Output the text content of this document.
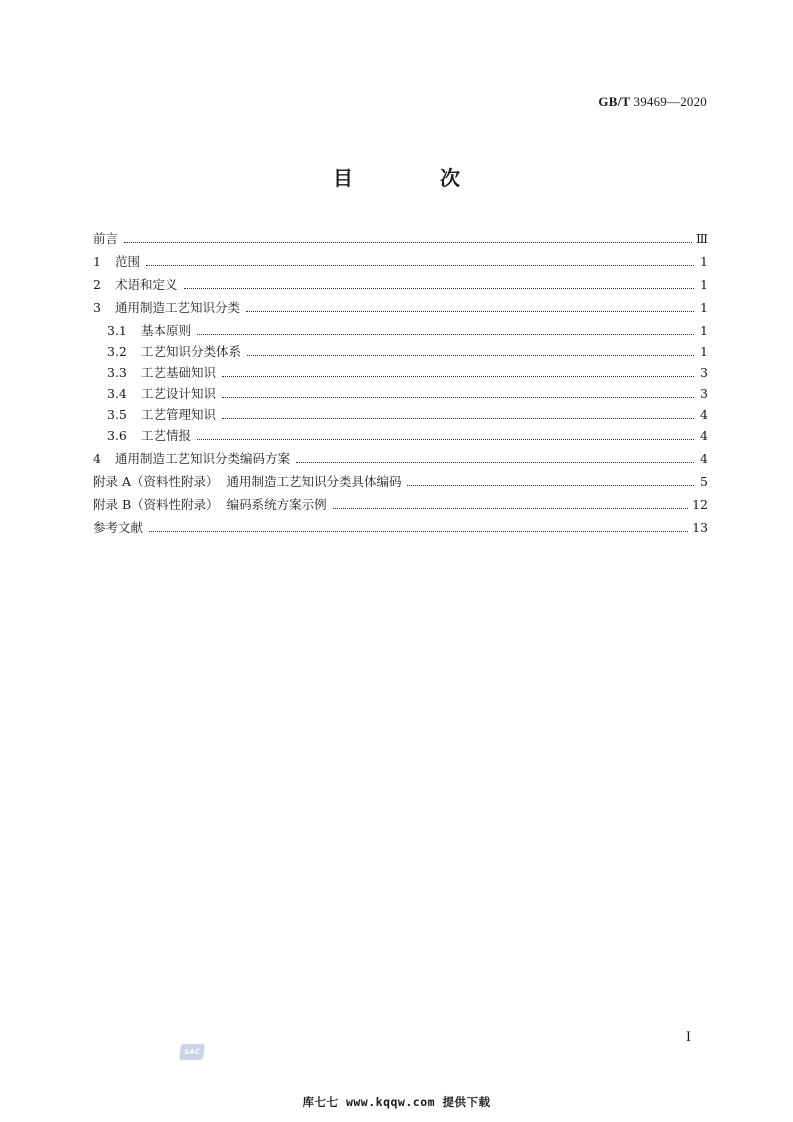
GB/T 39469—2020
目 次
前言	Ⅲ
1	范围	1
2	术语和定义	1
3	通用制造工艺知识分类	1
3.1	基本原则	1
3.2	工艺知识分类体系	1
3.3	工艺基础知识	3
3.4	工艺设计知识	3
3.5	工艺管理知识	4
3.6	工艺情报	4
4	通用制造工艺知识分类编码方案	4
附录 A（资料性附录）  通用制造工艺知识分类具体编码	5
附录 B（资料性附录）  编码系统方案示例	12
参考文献	13
Ⅰ
SAC
库七七 www.kqqw.com 提供下载
